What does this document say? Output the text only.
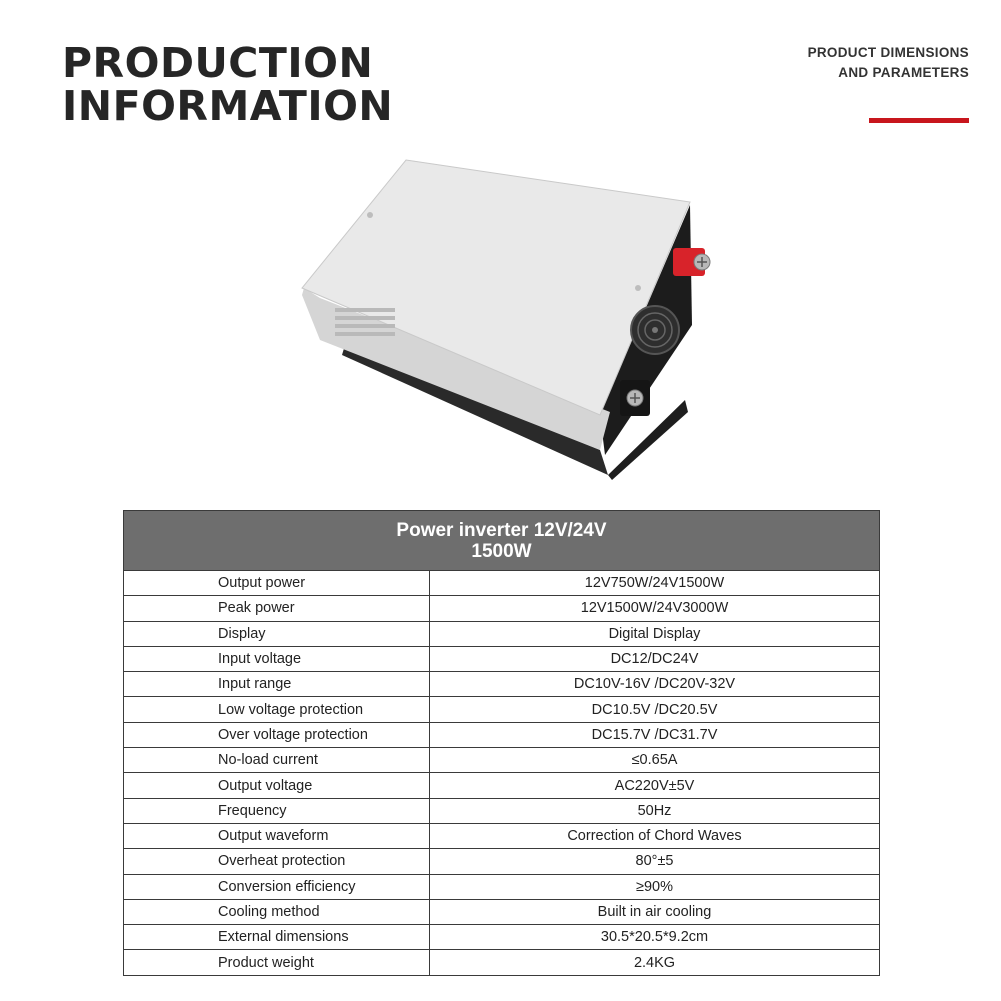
PRODUCTION
INFORMATION
PRODUCT DIMENSIONS
AND PARAMETERS
Power inverter 12V/24V
1500W	

Output power	12V750W/24V1500W
Peak power	12V1500W/24V3000W
Display	Digital Display
Input voltage	DC12/DC24V
Input range	DC10V-16V /DC20V-32V
Low voltage protection	DC10.5V /DC20.5V
Over voltage protection	DC15.7V /DC31.7V
No-load current	≤0.65A
Output voltage	AC220V±5V
Frequency	50Hz
Output waveform	Correction of Chord Waves
Overheat protection	80°±5
Conversion efficiency	≥90%
Cooling method	Built in air cooling
External dimensions	30.5*20.5*9.2cm
Product weight	2.4KG
